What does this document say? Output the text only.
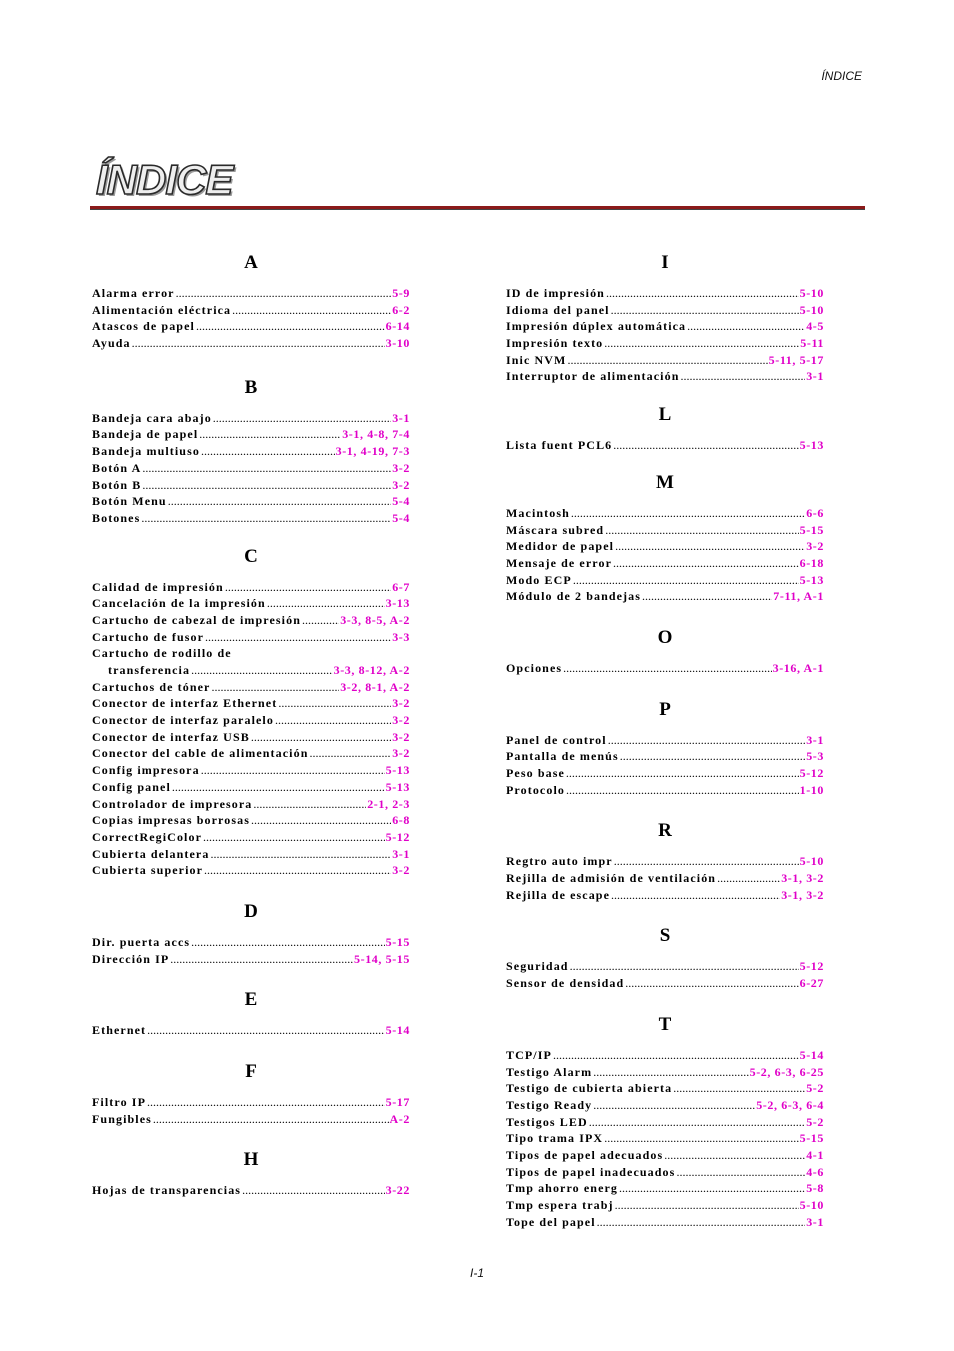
ÍNDICE
ÍNDICE
A
Alarma error .....	5-9
Alimentación eléctrica .....	6-2
Atascos de papel .....	6-14
Ayuda .....	3-10
B
Bandeja cara abajo .....	3-1
Bandeja de papel .....	3-1, 4-8, 7-4
Bandeja multiuso .....	3-1, 4-19, 7-3
Botón A .....	3-2
Botón B .....	3-2
Botón Menu .....	5-4
Botones .....	5-4
C
Calidad de impresión .....	6-7
Cancelación de la impresión .....	3-13
Cartucho de cabezal de impresión .....	3-3, 8-5, A-2
Cartucho de fusor .....	3-3
Cartucho de rodillo de
transferencia .....	3-3, 8-12, A-2
Cartuchos de tóner .....	3-2, 8-1, A-2
Conector de interfaz Ethernet .....	3-2
Conector de interfaz paralelo .....	3-2
Conector de interfaz USB .....	3-2
Conector del cable de alimentación .....	3-2
Config impresora .....	5-13
Config panel .....	5-13
Controlador de impresora .....	2-1, 2-3
Copias impresas borrosas .....	6-8
CorrectRegiColor .....	5-12
Cubierta delantera .....	3-1
Cubierta superior .....	3-2
D
Dir. puerta accs .....	5-15
Dirección IP .....	5-14, 5-15
E
Ethernet .....	5-14
F
Filtro IP .....	5-17
Fungibles .....	A-2
H
Hojas de transparencias .....	3-22
I
ID de impresión .....	5-10
Idioma del panel .....	5-10
Impresión dúplex automática .....	4-5
Impresión texto .....	5-11
Inic NVM .....	5-11, 5-17
Interruptor de alimentación .....	3-1
L
Lista fuent PCL6 .....	5-13
M
Macintosh .....	6-6
Máscara subred .....	5-15
Medidor de papel .....	3-2
Mensaje de error .....	6-18
Modo ECP .....	5-13
Módulo de 2 bandejas .....	7-11, A-1
O
Opciones .....	3-16, A-1
P
Panel de control .....	3-1
Pantalla de menús .....	5-3
Peso base .....	5-12
Protocolo .....	1-10
R
Regtro auto impr .....	5-10
Rejilla de admisión de ventilación .....	3-1, 3-2
Rejilla de escape .....	3-1, 3-2
S
Seguridad .....	5-12
Sensor de densidad .....	6-27
T
TCP/IP .....	5-14
Testigo Alarm .....	5-2, 6-3, 6-25
Testigo de cubierta abierta .....	5-2
Testigo Ready .....	5-2, 6-3, 6-4
Testigos LED .....	5-2
Tipo trama IPX .....	5-15
Tipos de papel adecuados .....	4-1
Tipos de papel inadecuados .....	4-6
Tmp ahorro energ .....	5-8
Tmp espera trabj .....	5-10
Tope del papel .....	3-1
I-1
